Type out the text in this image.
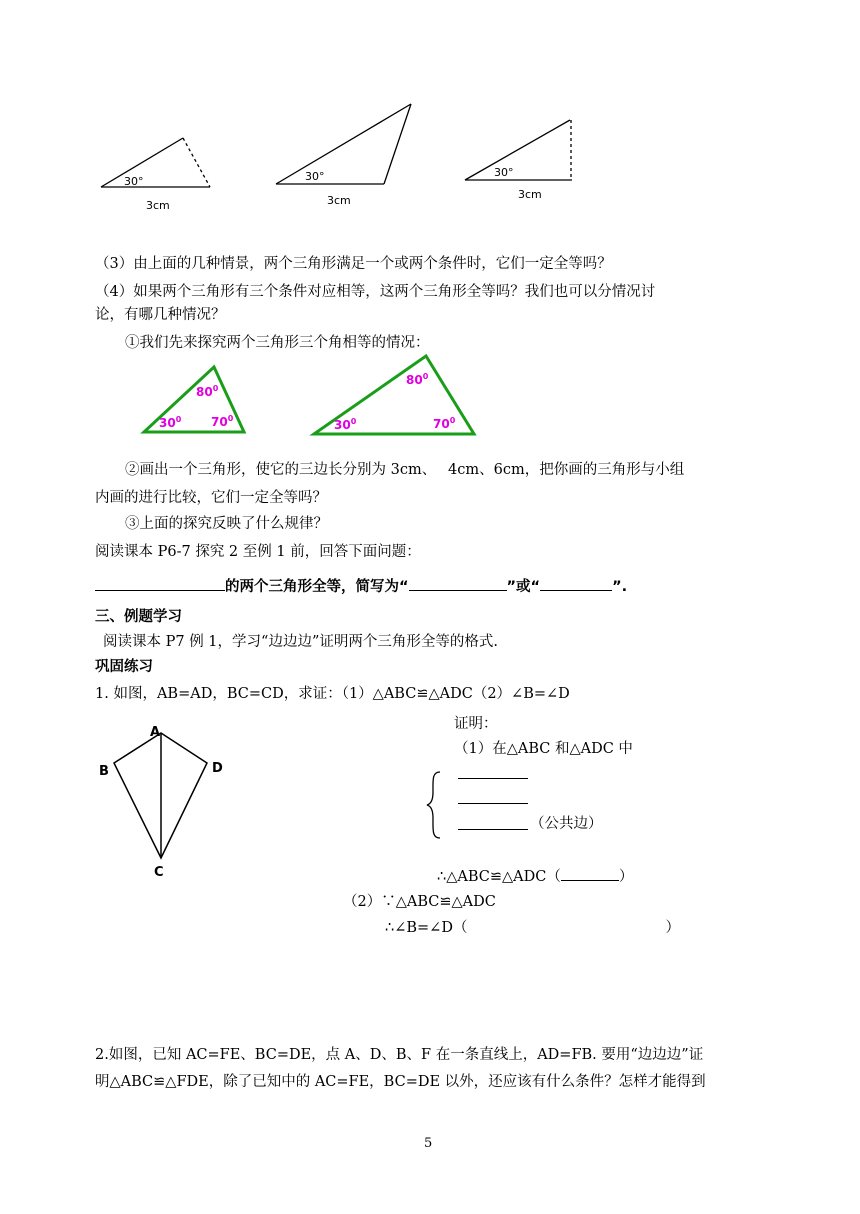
30°
3cm
30°
3cm
30°
3cm
（3）由上面的几种情景，两个三角形满足一个或两个条件时，它们一定全等吗？
（4）如果两个三角形有三个条件对应相等，这两个三角形全等吗？我们也可以分情况讨
论，有哪几种情况？
①我们先来探究两个三角形三个角相等的情况：
$80^0$
$30^0$ $70^0$
$80^0$
$30^0$	$70^0$
②画出一个三角形，使它的三边长分别为 3cm、　 4cm、6cm，把你画的三角形与小组
内画的进行比较，它们一定全等吗？
③上面的探究反映了什么规律？
阅读课本 P6-7 探究 2 至例 1 前，回答下面问题：
的两个三角形全等，简写为“	”或“	”.
三、例题学习
阅读课本 P7 例 1，学习“边边边”证明两个三角形全等的格式.
巩固练习
1. 如图，AB=AD，BC=CD，求证：（1）△ABC≌△ADC（2）∠B=∠D
A
B	D
C
证明：
（1）在△ABC 和△ADC 中
（公共边）
∴△ABC≌△ADC（	）
（2）∵△ABC≌△ADC
∴∠B=∠D（	）
2.如图，已知 AC=FE、BC=DE，点 A、D、B、F 在一条直线上，AD=FB. 要用“边边边”证
明△ABC≌△FDE，除了已知中的 AC=FE，BC=DE 以外，还应该有什么条件？怎样才能得到
5
